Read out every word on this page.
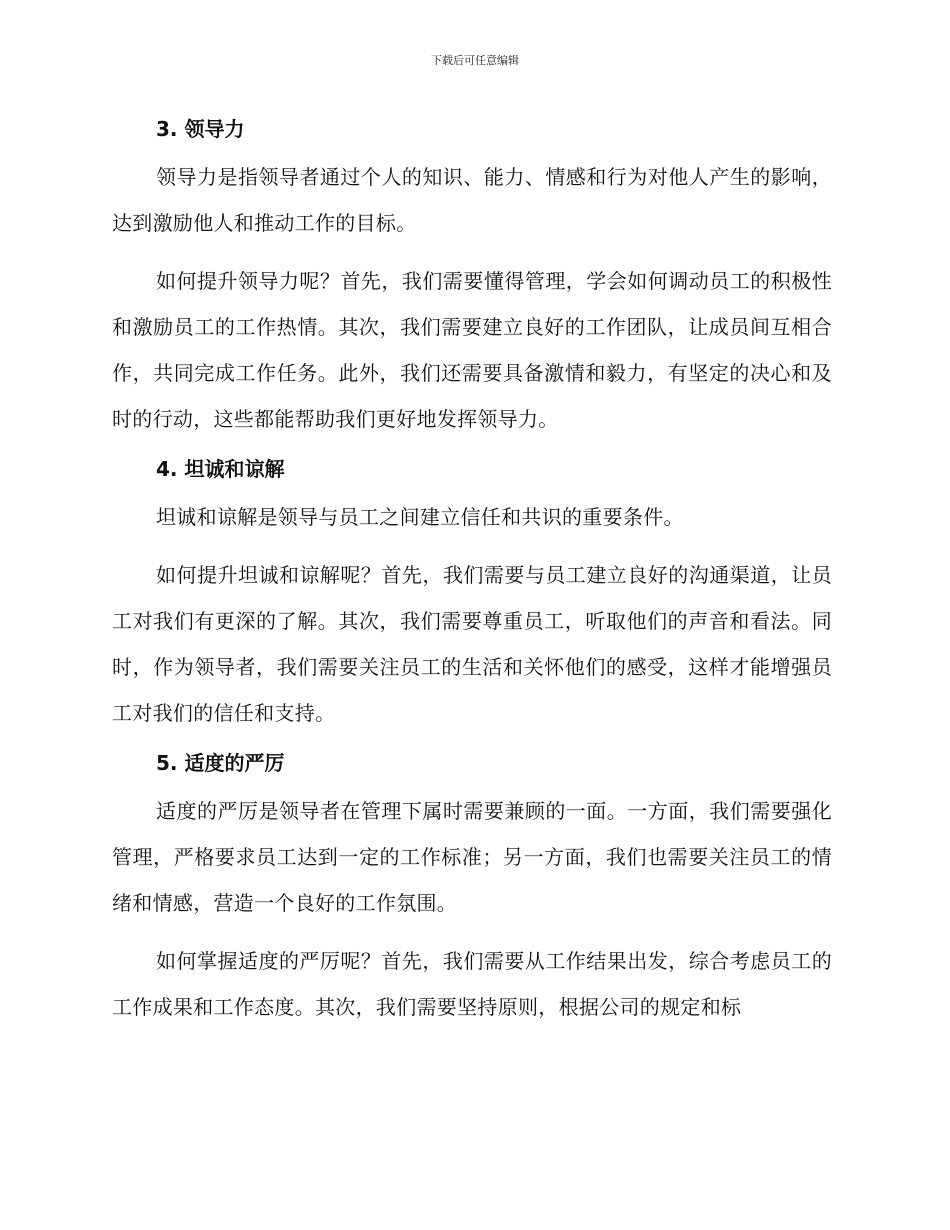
下载后可任意编辑
3. 领导力

领导力是指领导者通过个人的知识、能力、情感和行为对他人产生的影响，达到激励他人和推动工作的目标。

如何提升领导力呢？首先，我们需要懂得管理，学会如何调动员工的积极性和激励员工的工作热情。其次，我们需要建立良好的工作团队，让成员间互相合作，共同完成工作任务。此外，我们还需要具备激情和毅力，有坚定的决心和及时的行动，这些都能帮助我们更好地发挥领导力。

4. 坦诚和谅解

坦诚和谅解是领导与员工之间建立信任和共识的重要条件。

如何提升坦诚和谅解呢？首先，我们需要与员工建立良好的沟通渠道，让员工对我们有更深的了解。其次，我们需要尊重员工，听取他们的声音和看法。同时，作为领导者，我们需要关注员工的生活和关怀他们的感受，这样才能增强员工对我们的信任和支持。

5. 适度的严厉

适度的严厉是领导者在管理下属时需要兼顾的一面。一方面，我们需要强化管理，严格要求员工达到一定的工作标准；另一方面，我们也需要关注员工的情绪和情感，营造一个良好的工作氛围。

如何掌握适度的严厉呢？首先，我们需要从工作结果出发，综合考虑员工的工作成果和工作态度。其次，我们需要坚持原则，根据公司的规定和标
